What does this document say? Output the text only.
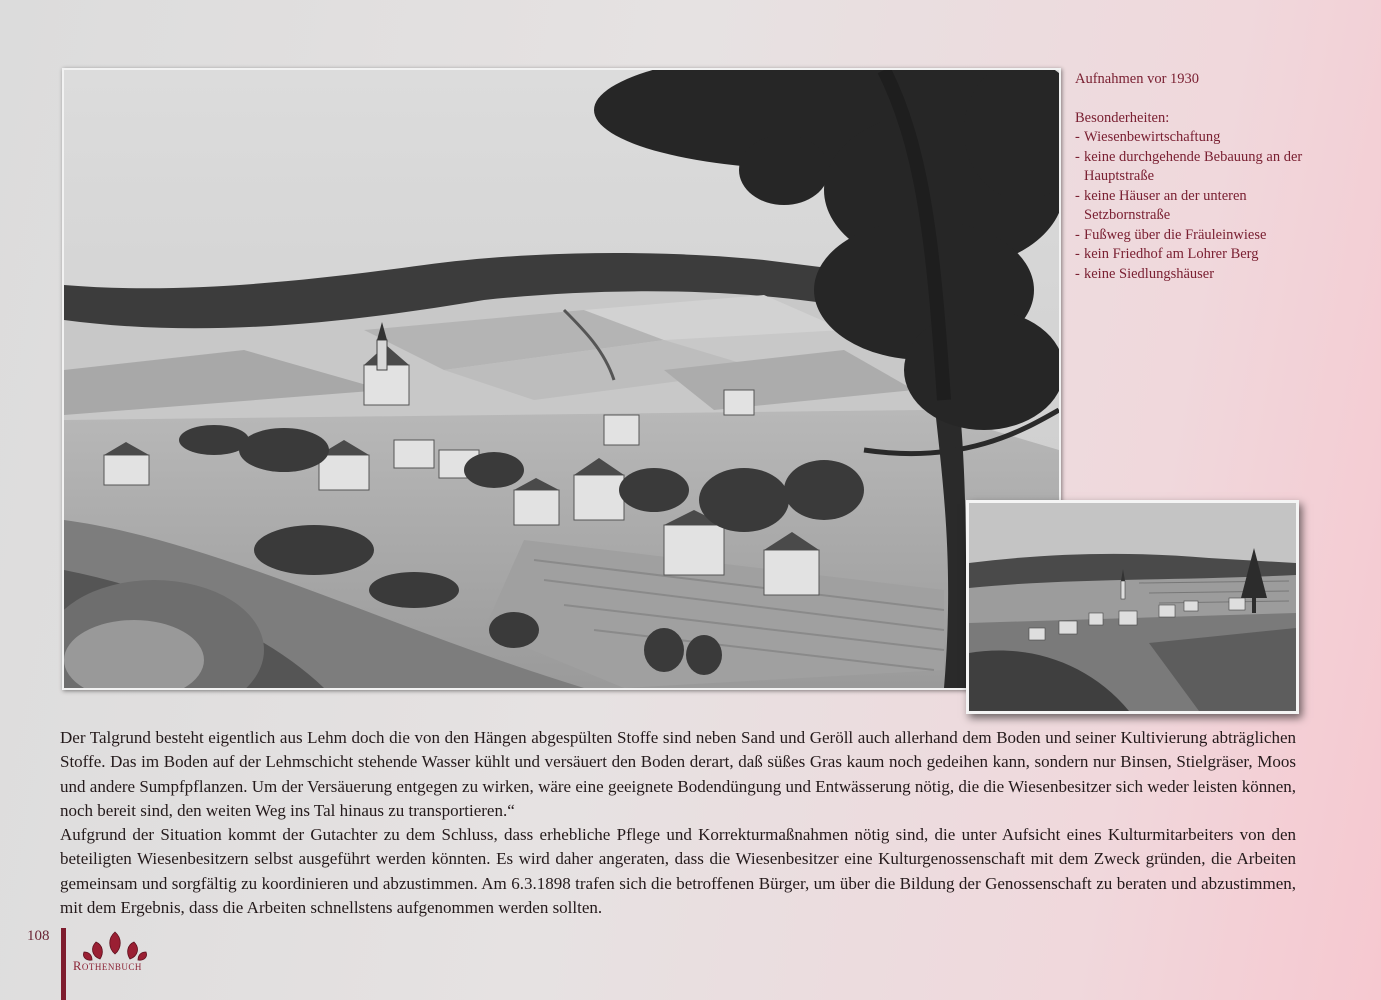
Aufnahmen vor 1930

Besonderheiten:

- Wiesenbewirtschaftung
- keine durchgehende Bebauung an der Hauptstraße
- keine Häuser an der unteren Setzbornstraße
- Fußweg über die Fräuleinwiese
- kein Friedhof am Lohrer Berg
- keine Siedlungshäuser

Der Talgrund besteht eigentlich aus Lehm doch die von den Hängen abgespülten Stoffe sind neben Sand und Geröll auch allerhand dem Boden und seiner Kultivierung abträglichen Stoffe. Das im Boden auf der Lehmschicht stehende Wasser kühlt und versäuert den Boden derart, daß süßes Gras kaum noch gedeihen kann, sondern nur Binsen, Stielgräser, Moos und andere Sumpfpflanzen. Um der Versäuerung entgegen zu wirken, wäre eine geeignete Bodendüngung und Entwässerung nötig, die die Wiesenbesitzer sich weder leisten können, noch bereit sind, den weiten Weg ins Tal hinaus zu transportieren.“

Aufgrund der Situation kommt der Gutachter zu dem Schluss, dass erhebliche Pflege und Korrekturmaßnahmen nötig sind, die unter Aufsicht eines Kulturmitarbeiters von den beteiligten Wiesenbesitzern selbst ausgeführt werden könnten. Es wird daher angeraten, dass die Wiesenbesitzer eine Kulturgenossenschaft mit dem Zweck gründen, die Arbeiten gemeinsam und sorgfältig zu koordinieren und abzustimmen. Am 6.3.1898 trafen sich die betroffenen Bürger, um über die Bildung der Genossenschaft zu beraten und abzustimmen, mit dem Ergebnis, dass die Arbeiten schnellstens aufgenommen werden sollten.

108
Rothenbuch
